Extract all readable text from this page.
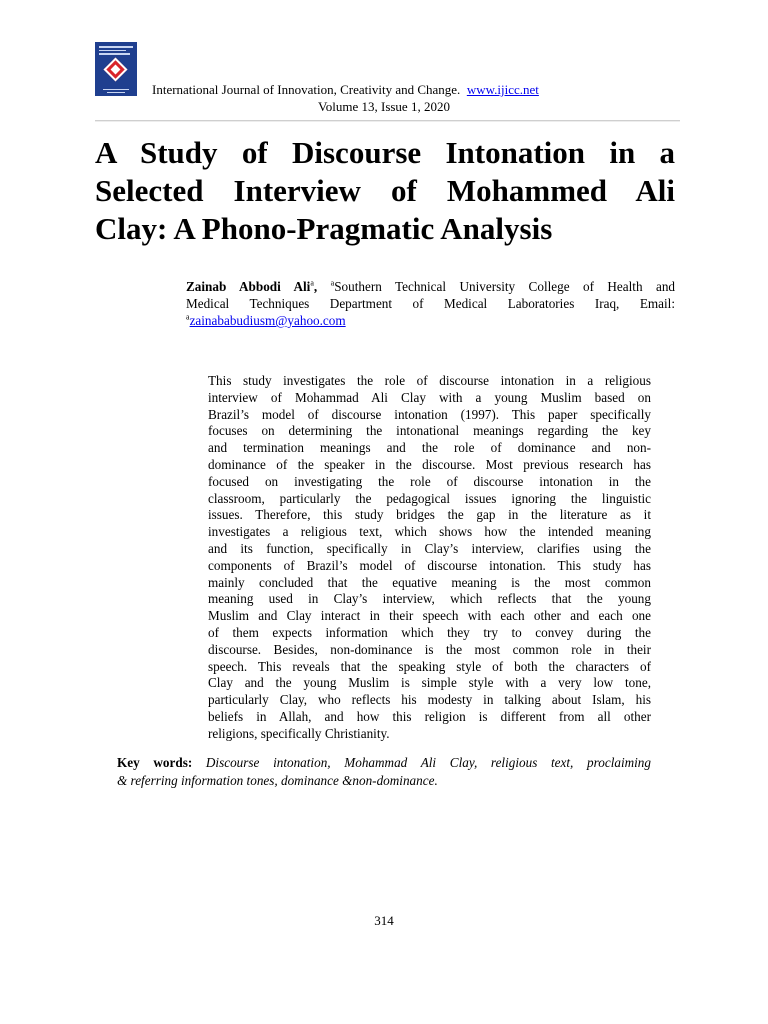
International Journal of Innovation, Creativity and Change. www.ijicc.net
Volume 13, Issue 1, 2020
A Study of Discourse Intonation in a
Selected Interview of Mohammed Ali
Clay: A Phono-Pragmatic Analysis
Zainab Abbodi Ali$^a$, $^a$Southern Technical University College of Health and
Medical Techniques Department of Medical Laboratories Iraq, Email:
$^a$zainababudiusm@yahoo.com
This study investigates the role of discourse intonation in a religious
interview of Mohammad Ali Clay with a young Muslim based on
Brazil’s model of discourse intonation (1997). This paper specifically
focuses on determining the intonational meanings regarding the key
and termination meanings and the role of dominance and non-
dominance of the speaker in the discourse. Most previous research has
focused on investigating the role of discourse intonation in the
classroom, particularly the pedagogical issues ignoring the linguistic
issues. Therefore, this study bridges the gap in the literature as it
investigates a religious text, which shows how the intended meaning
and its function, specifically in Clay’s interview, clarifies using the
components of Brazil’s model of discourse intonation. This study has
mainly concluded that the equative meaning is the most common
meaning used in Clay’s interview, which reflects that the young
Muslim and Clay interact in their speech with each other and each one
of them expects information which they try to convey during the
discourse. Besides, non-dominance is the most common role in their
speech. This reveals that the speaking style of both the characters of
Clay and the young Muslim is simple style with a very low tone,
particularly Clay, who reflects his modesty in talking about Islam, his
beliefs in Allah, and how this religion is different from all other
religions, specifically Christianity.
Key words: Discourse intonation, Mohammad Ali Clay, religious text, proclaiming
& referring information tones, dominance &non-dominance.
314
